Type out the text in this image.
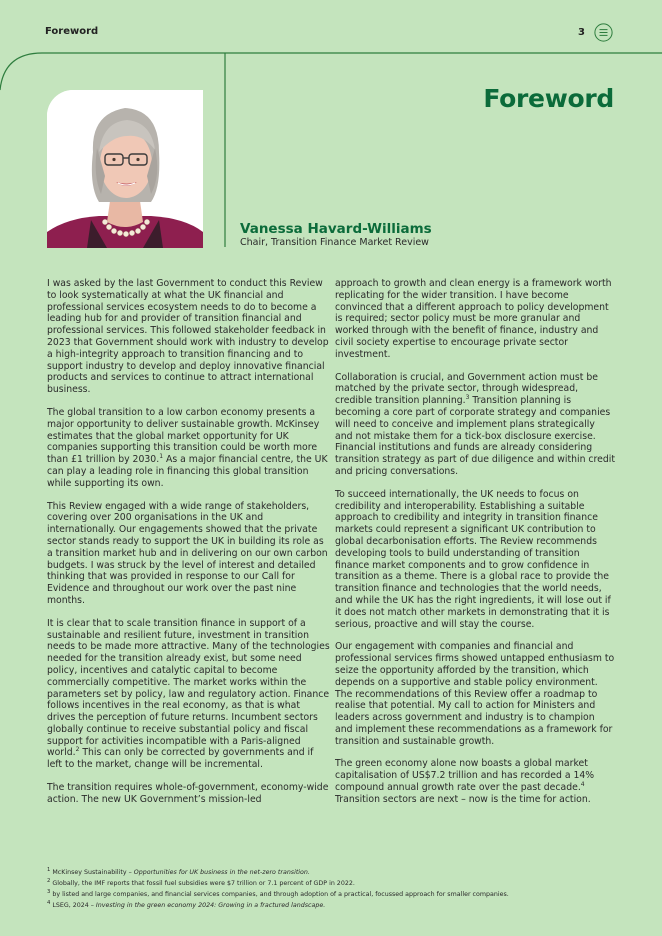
Foreword	3
Foreword
Vanessa Havard-Williams
Chair, Transition Finance Market Review

I was asked by the last Government to conduct this Review to look systematically at what the UK financial and professional services ecosystem needs to do to become a leading hub for and provider of transition financial and professional services. This followed stakeholder feedback in 2023 that Government should work with industry to develop a high-integrity approach to transition financing and to support industry to develop and deploy innovative financial products and services to continue to attract international business.

The global transition to a low carbon economy presents a major opportunity to deliver sustainable growth. McKinsey estimates that the global market opportunity for UK companies supporting this transition could be worth more than £1 trillion by 2030.$^1$ As a major financial centre, the UK can play a leading role in financing this global transition while supporting its own.

This Review engaged with a wide range of stakeholders, covering over 200 organisations in the UK and internationally. Our engagements showed that the private sector stands ready to support the UK in building its role as a transition market hub and in delivering on our own carbon budgets. I was struck by the level of interest and detailed thinking that was provided in response to our Call for Evidence and throughout our work over the past nine months.

It is clear that to scale transition finance in support of a sustainable and resilient future, investment in transition needs to be made more attractive. Many of the technologies needed for the transition already exist, but some need policy, incentives and catalytic capital to become commercially competitive. The market works within the parameters set by policy, law and regulatory action. Finance follows incentives in the real economy, as that is what drives the perception of future returns. Incumbent sectors globally continue to receive substantial policy and fiscal support for activities incompatible with a Paris-aligned world.$^2$ This can only be corrected by governments and if left to the market, change will be incremental.

The transition requires whole-of-government, economy-wide action. The new UK Government’s mission-led

approach to growth and clean energy is a framework worth replicating for the wider transition. I have become convinced that a different approach to policy development is required; sector policy must be more granular and worked through with the benefit of finance, industry and civil society expertise to encourage private sector investment.

Collaboration is crucial, and Government action must be matched by the private sector, through widespread, credible transition planning.$^3$ Transition planning is becoming a core part of corporate strategy and companies will need to conceive and implement plans strategically and not mistake them for a tick-box disclosure exercise. Financial institutions and funds are already considering transition strategy as part of due diligence and within credit and pricing conversations.

To succeed internationally, the UK needs to focus on credibility and interoperability. Establishing a suitable approach to credibility and integrity in transition finance markets could represent a significant UK contribution to global decarbonisation efforts. The Review recommends developing tools to build understanding of transition finance market components and to grow confidence in transition as a theme. There is a global race to provide the transition finance and technologies that the world needs, and while the UK has the right ingredients, it will lose out if it does not match other markets in demonstrating that it is serious, proactive and will stay the course.

Our engagement with companies and financial and professional services firms showed untapped enthusiasm to seize the opportunity afforded by the transition, which depends on a supportive and stable policy environment. The recommendations of this Review offer a roadmap to realise that potential. My call to action for Ministers and leaders across government and industry is to champion and implement these recommendations as a framework for transition and sustainable growth.

The green economy alone now boasts a global market capitalisation of US$7.2 trillion and has recorded a 14% compound annual growth rate over the past decade.$^4$ Transition sectors are next – now is the time for action.

$^1$ McKinsey Sustainability – Opportunities for UK business in the net-zero transition.
$^2$ Globally, the IMF reports that fossil fuel subsidies were $7 trillion or 7.1 percent of GDP in 2022.
$^3$ by listed and large companies, and financial services companies, and through adoption of a practical, focussed approach for smaller companies.
$^4$ LSEG, 2024 – Investing in the green economy 2024: Growing in a fractured landscape.
